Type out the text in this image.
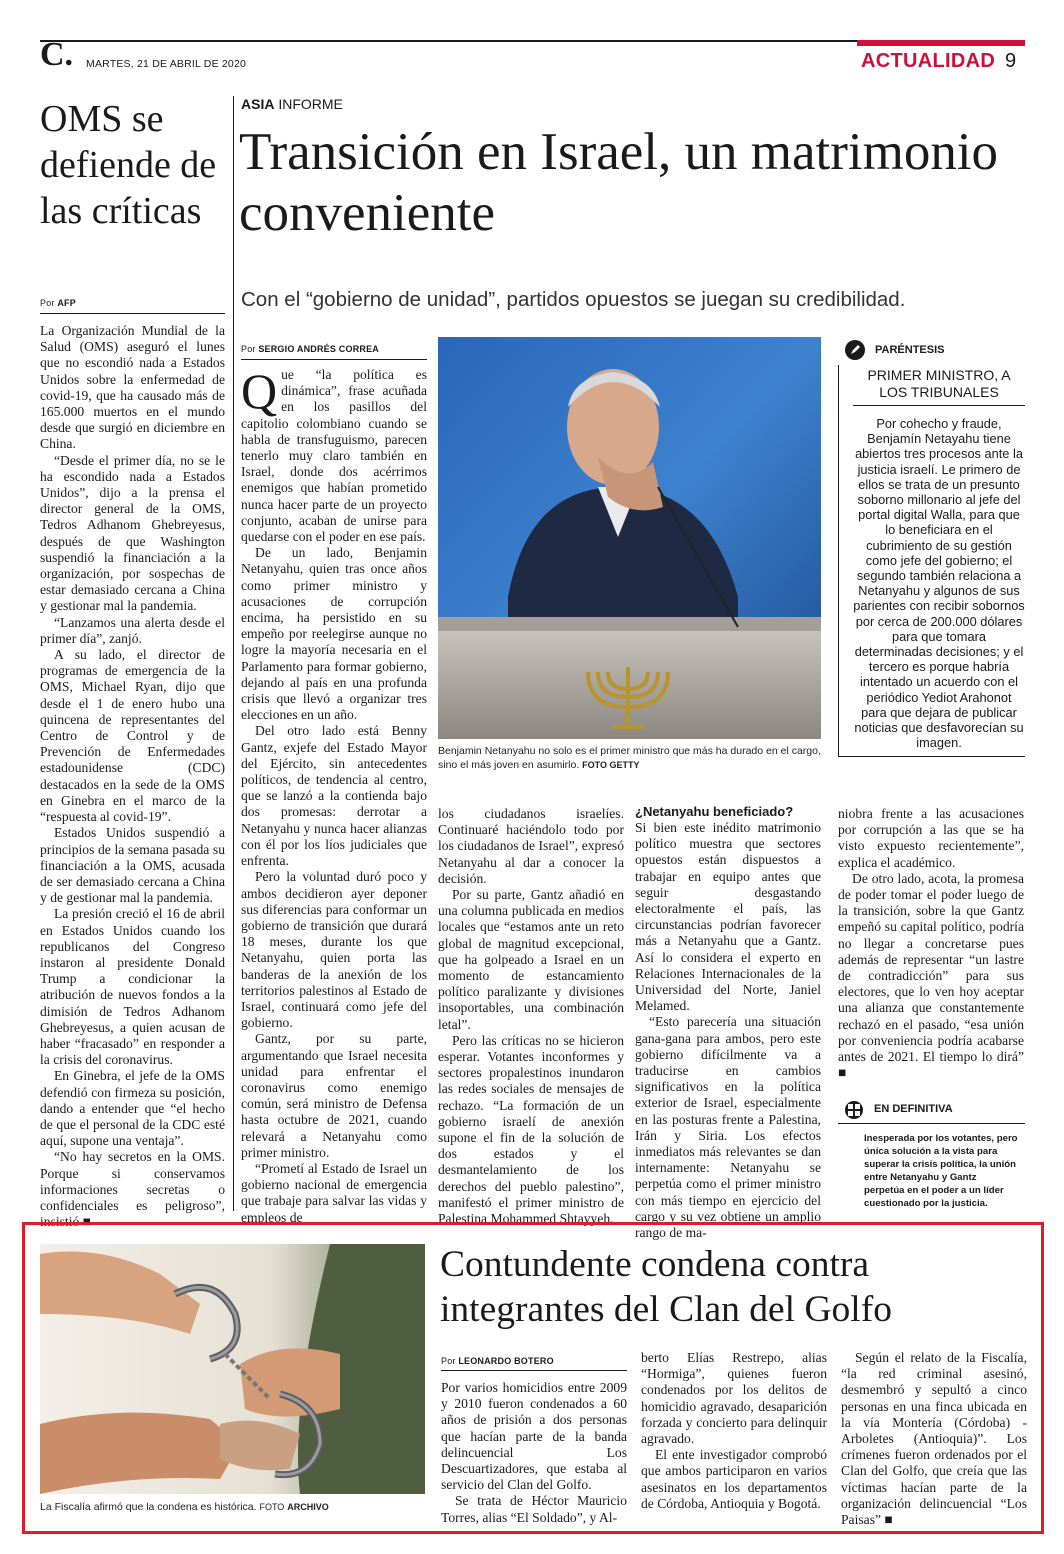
C. MARTES, 21 DE ABRIL DE 2020	ACTUALIDAD 9
OMS se defiende de las críticas
Por AFP

La Organización Mundial de la Salud (OMS) aseguró el lunes que no escondió nada a Estados Unidos sobre la enfermedad de covid-19, que ha causado más de 165.000 muertos en el mundo desde que surgió en diciembre en China.

“Desde el primer día, no se le ha escondido nada a Estados Unidos”, dijo a la prensa el director general de la OMS, Tedros Adhanom Ghebreyesus, después de que Washington suspendió la financiación a la organización, por sospechas de estar demasiado cercana a China y gestionar mal la pandemia.

“Lanzamos una alerta desde el primer día”, zanjó.

A su lado, el director de programas de emergencia de la OMS, Michael Ryan, dijo que desde el 1 de enero hubo una quincena de representantes del Centro de Control y de Prevención de Enfermedades estadounidense (CDC) destacados en la sede de la OMS en Ginebra en el marco de la “respuesta al covid-19”.

Estados Unidos suspendió a principios de la semana pasada su financiación a la OMS, acusada de ser demasiado cercana a China y de gestionar mal la pandemia.

La presión creció el 16 de abril en Estados Unidos cuando los republicanos del Congreso instaron al presidente Donald Trump a condicionar la atribución de nuevos fondos a la dimisión de Tedros Adhanom Ghebreyesus, a quien acusan de haber “fracasado” en responder a la crisis del coronavirus.

En Ginebra, el jefe de la OMS defendió con firmeza su posición, dando a entender que “el hecho de que el personal de la CDC esté aquí, supone una ventaja”.

“No hay secretos en la OMS. Porque si conservamos informaciones secretas o confidenciales es peligroso”, insistió ■

ASIA INFORME
Transición en Israel, un matrimonio conveniente
Con el “gobierno de unidad”, partidos opuestos se juegan su credibilidad.
Por SERGIO ANDRÉS CORREA
Q ue “la política es dinámica”, frase acuñada en los pasillos del capitolio colombiano cuando se habla de transfuguismo, parecen tenerlo muy claro también en Israel, donde dos acérrimos enemigos que habían prometido nunca hacer parte de un proyecto conjunto, acaban de unirse para quedarse con el poder en ese país.

De un lado, Benjamin Netanyahu, quien tras once años como primer ministro y acusaciones de corrupción encima, ha persistido en su empeño por reelegirse aunque no logre la mayoría necesaria en el Parlamento para formar gobierno, dejando al país en una profunda crisis que llevó a organizar tres elecciones en un año.

Del otro lado está Benny Gantz, exjefe del Estado Mayor del Ejército, sin antecedentes políticos, de tendencia al centro, que se lanzó a la contienda bajo dos promesas: derrotar a Netanyahu y nunca hacer alianzas con él por los líos judiciales que enfrenta.

Pero la voluntad duró poco y ambos decidieron ayer deponer sus diferencias para conformar un gobierno de transición que durará 18 meses, durante los que Netanyahu, quien porta las banderas de la anexión de los territorios palestinos al Estado de Israel, continuará como jefe del gobierno.

Gantz, por su parte, argumentando que Israel necesita unidad para enfrentar el coronavirus como enemigo común, será ministro de Defensa hasta octubre de 2021, cuando relevará a Netanyahu como primer ministro.

“Prometí al Estado de Israel un gobierno nacional de emergencia que trabaje para salvar las vidas y empleos de

Benjamin Netanyahu no solo es el primer ministro que más ha durado en el cargo, sino el más joven en asumirlo. FOTO GETTY

los ciudadanos israelíes. Continuaré haciéndolo todo por los ciudadanos de Israel”, expresó Netanyahu al dar a conocer la decisión.

Por su parte, Gantz añadió en una columna publicada en medios locales que “estamos ante un reto global de magnitud excepcional, que ha golpeado a Israel en un momento de estancamiento político paralizante y divisiones insoportables, una combinación letal”.

Pero las críticas no se hicieron esperar. Votantes inconformes y sectores propalestinos inundaron las redes sociales de mensajes de rechazo. “La formación de un gobierno israelí de anexión supone el fin de la solución de dos estados y el desmantelamiento de los derechos del pueblo palestino”, manifestó el primer ministro de Palestina Mohammed Shtayyeh.

¿Netanyahu beneficiado?

Si bien este inédito matrimonio político muestra que sectores opuestos están dispuestos a trabajar en equipo antes que seguir desgastando electoralmente el país, las circunstancias podrían favorecer más a Netanyahu que a Gantz. Así lo considera el experto en Relaciones Internacionales de la Universidad del Norte, Janiel Melamed.

“Esto parecería una situación gana-gana para ambos, pero este gobierno difícilmente va a traducirse en cambios significativos en la política exterior de Israel, especialmente en las posturas frente a Palestina, Irán y Siria. Los efectos inmediatos más relevantes se dan internamente: Netanyahu se perpetúa como el primer ministro con más tiempo en ejercicio del cargo y su vez obtiene un amplio rango de ma-

niobra frente a las acusaciones por corrupción a las que se ha visto expuesto recientemente”, explica el académico.

De otro lado, acota, la promesa de poder tomar el poder luego de la transición, sobre la que Gantz empeñó su capital político, podría no llegar a concretarse pues además de representar “un lastre de contradicción” para sus electores, que lo ven hoy aceptar una alianza que constantemente rechazó en el pasado, “esa unión por conveniencia podría acabarse antes de 2021. El tiempo lo dirá” ■

PARÉNTESIS
PRIMER MINISTRO, A LOS TRIBUNALES
Por cohecho y fraude, Benjamín Netayahu tiene abiertos tres procesos ante la justicia israelí. Le primero de ellos se trata de un presunto soborno millonario al jefe del portal digital Walla, para que lo beneficiara en el cubrimiento de su gestión como jefe del gobierno; el segundo también relaciona a Netanyahu y algunos de sus parientes con recibir sobornos por cerca de 200.000 dólares para que tomara determinadas decisiones; y el tercero es porque habría intentado un acuerdo con el periódico Yediot Arahonot para que dejara de publicar noticias que desfavorecían su imagen.
EN DEFINITIVA
Inesperada por los votantes, pero única solución a la vista para superar la crisis política, la unión entre Netanyahu y Gantz perpetúa en el poder a un líder cuestionado por la justicia.
La Fiscalía afirmó que la condena es histórica. FOTO ARCHIVO
Contundente condena contra integrantes del Clan del Golfo
Por LEONARDO BOTERO

Por varios homicidios entre 2009 y 2010 fueron condenados a 60 años de prisión a dos personas que hacían parte de la banda delincuencial Los Descuartizadores, que estaba al servicio del Clan del Golfo.

Se trata de Héctor Mauricio Torres, alias “El Soldado”, y Al-

berto Elías Restrepo, alias “Hormiga”, quienes fueron condenados por los delitos de homicidio agravado, desaparición forzada y concierto para delinquir agravado.

El ente investigador comprobó que ambos participaron en varios asesinatos en los departamentos de Córdoba, Antioquia y Bogotá.

Según el relato de la Fiscalía, “la red criminal asesinó, desmembró y sepultó a cinco personas en una finca ubicada en la vía Montería (Córdoba) - Arboletes (Antioquia)”. Los crímenes fueron ordenados por el Clan del Golfo, que creía que las víctimas hacían parte de la organización delincuencial “Los Paisas” ■
